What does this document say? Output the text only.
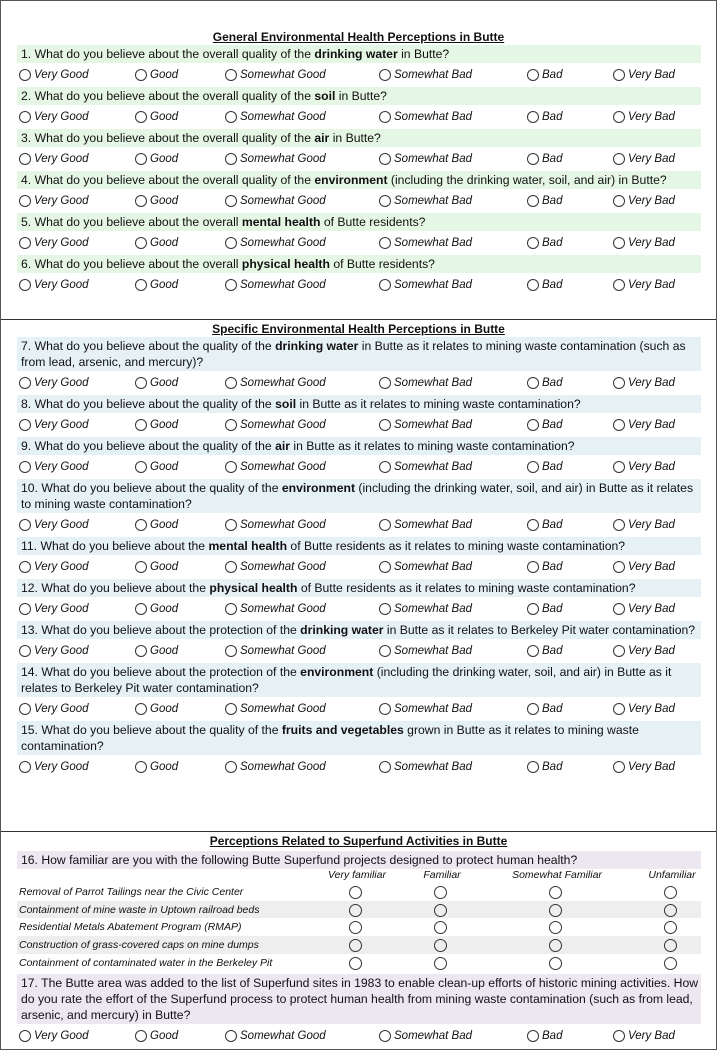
General Environmental Health Perceptions in Butte
1. What do you believe about the overall quality of the drinking water in Butte?
Very Good	Good	Somewhat Good	Somewhat Bad	Bad	Very Bad
2. What do you believe about the overall quality of the soil in Butte?
Very Good	Good	Somewhat Good	Somewhat Bad	Bad	Very Bad
3. What do you believe about the overall quality of the air in Butte?
Very Good	Good	Somewhat Good	Somewhat Bad	Bad	Very Bad
4. What do you believe about the overall quality of the environment (including the drinking water, soil, and air) in Butte?
Very Good	Good	Somewhat Good	Somewhat Bad	Bad	Very Bad
5. What do you believe about the overall mental health of Butte residents?
Very Good	Good	Somewhat Good	Somewhat Bad	Bad	Very Bad
6. What do you believe about the overall physical health of Butte residents?
Very Good	Good	Somewhat Good	Somewhat Bad	Bad	Very Bad
Specific Environmental Health Perceptions in Butte
7. What do you believe about the quality of the drinking water in Butte as it relates to mining waste contamination (such as from lead, arsenic, and mercury)?
Very Good	Good	Somewhat Good	Somewhat Bad	Bad	Very Bad
8. What do you believe about the quality of the soil in Butte as it relates to mining waste contamination?
Very Good	Good	Somewhat Good	Somewhat Bad	Bad	Very Bad
9. What do you believe about the quality of the air in Butte as it relates to mining waste contamination?
Very Good	Good	Somewhat Good	Somewhat Bad	Bad	Very Bad
10. What do you believe about the quality of the environment (including the drinking water, soil, and air) in Butte as it relates to mining waste contamination?
Very Good	Good	Somewhat Good	Somewhat Bad	Bad	Very Bad
11. What do you believe about the mental health of Butte residents as it relates to mining waste contamination?
Very Good	Good	Somewhat Good	Somewhat Bad	Bad	Very Bad
12. What do you believe about the physical health of Butte residents as it relates to mining waste contamination?
Very Good	Good	Somewhat Good	Somewhat Bad	Bad	Very Bad
13. What do you believe about the protection of the drinking water in Butte as it relates to Berkeley Pit water contamination?
Very Good	Good	Somewhat Good	Somewhat Bad	Bad	Very Bad
14. What do you believe about the protection of the environment (including the drinking water, soil, and air) in Butte as it relates to Berkeley Pit water contamination?
Very Good	Good	Somewhat Good	Somewhat Bad	Bad	Very Bad
15. What do you believe about the quality of the fruits and vegetables grown in Butte as it relates to mining waste contamination?
Very Good	Good	Somewhat Good	Somewhat Bad	Bad	Very Bad
Perceptions Related to Superfund Activities in Butte
16. How familiar are you with the following Butte Superfund projects designed to protect human health?
Very familiar	Familiar	Somewhat Familiar	Unfamiliar
Removal of Parrot Tailings near the Civic Center
Containment of mine waste in Uptown railroad beds
Residential Metals Abatement Program (RMAP)
Construction of grass-covered caps on mine dumps
Containment of contaminated water in the Berkeley Pit
17. The Butte area was added to the list of Superfund sites in 1983 to enable clean-up efforts of historic mining activities. How do you rate the effort of the Superfund process to protect human health from mining waste contamination (such as from lead, arsenic, and mercury) in Butte?
Very Good	Good	Somewhat Good	Somewhat Bad	Bad	Very Bad
